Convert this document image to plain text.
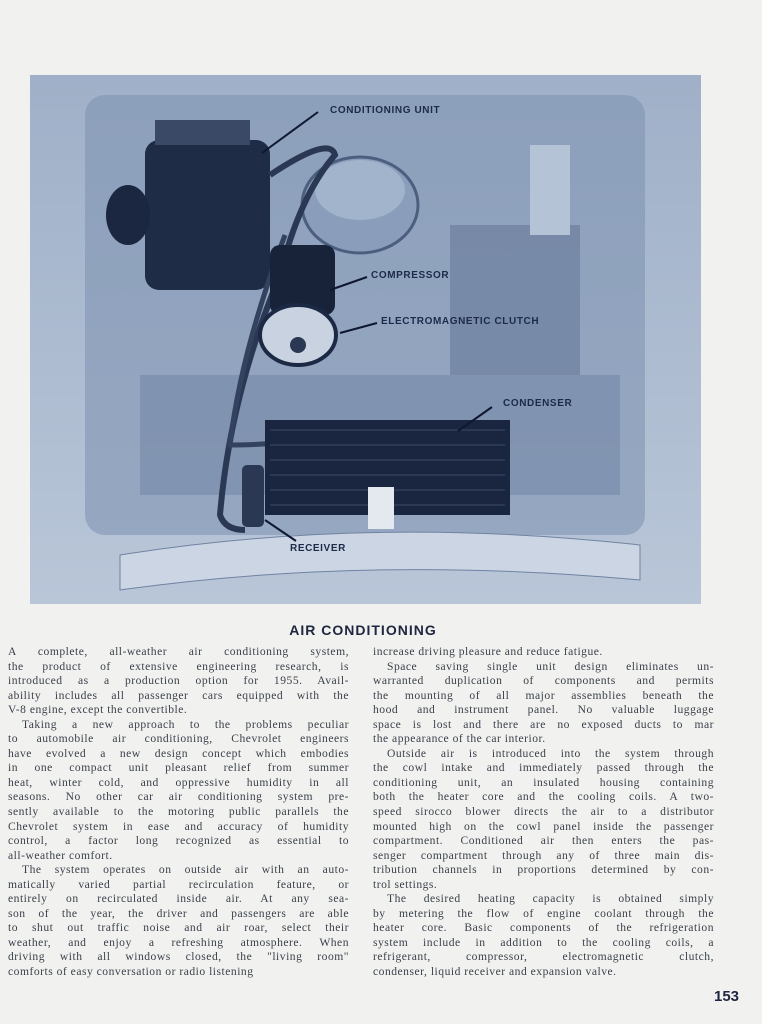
CONDITIONING UNIT
COMPRESSOR
ELECTROMAGNETIC CLUTCH
CONDENSER
RECEIVER
AIR CONDITIONING
A complete, all-weather air conditioning system,
the product of extensive engineering research, is
introduced as a production option for 1955. Avail-
ability includes all passenger cars equipped with the
V-8 engine, except the convertible.
Taking a new approach to the problems peculiar
to automobile air conditioning, Chevrolet engineers
have evolved a new design concept which embodies
in one compact unit pleasant relief from summer
heat, winter cold, and oppressive humidity in all
seasons. No other car air conditioning system pre-
sently available to the motoring public parallels the
Chevrolet system in ease and accuracy of humidity
control, a factor long recognized as essential to
all-weather comfort.
The system operates on outside air with an auto-
matically varied partial recirculation feature, or
entirely on recirculated inside air. At any sea-
son of the year, the driver and passengers are able
to shut out traffic noise and air roar, select their
weather, and enjoy a refreshing atmosphere. When
driving with all windows closed, the "living room"
comforts of easy conversation or radio listening
increase driving pleasure and reduce fatigue.
Space saving single unit design eliminates un-
warranted duplication of components and permits
the mounting of all major assemblies beneath the
hood and instrument panel. No valuable luggage
space is lost and there are no exposed ducts to mar
the appearance of the car interior.
Outside air is introduced into the system through
the cowl intake and immediately passed through the
conditioning unit, an insulated housing containing
both the heater core and the cooling coils. A two-
speed sirocco blower directs the air to a distributor
mounted high on the cowl panel inside the passenger
compartment. Conditioned air then enters the pas-
senger compartment through any of three main dis-
tribution channels in proportions determined by con-
trol settings.
The desired heating capacity is obtained simply
by metering the flow of engine coolant through the
heater core. Basic components of the refrigeration
system include in addition to the cooling coils, a
refrigerant, compressor, electromagnetic clutch,
condenser, liquid receiver and expansion valve.
153
